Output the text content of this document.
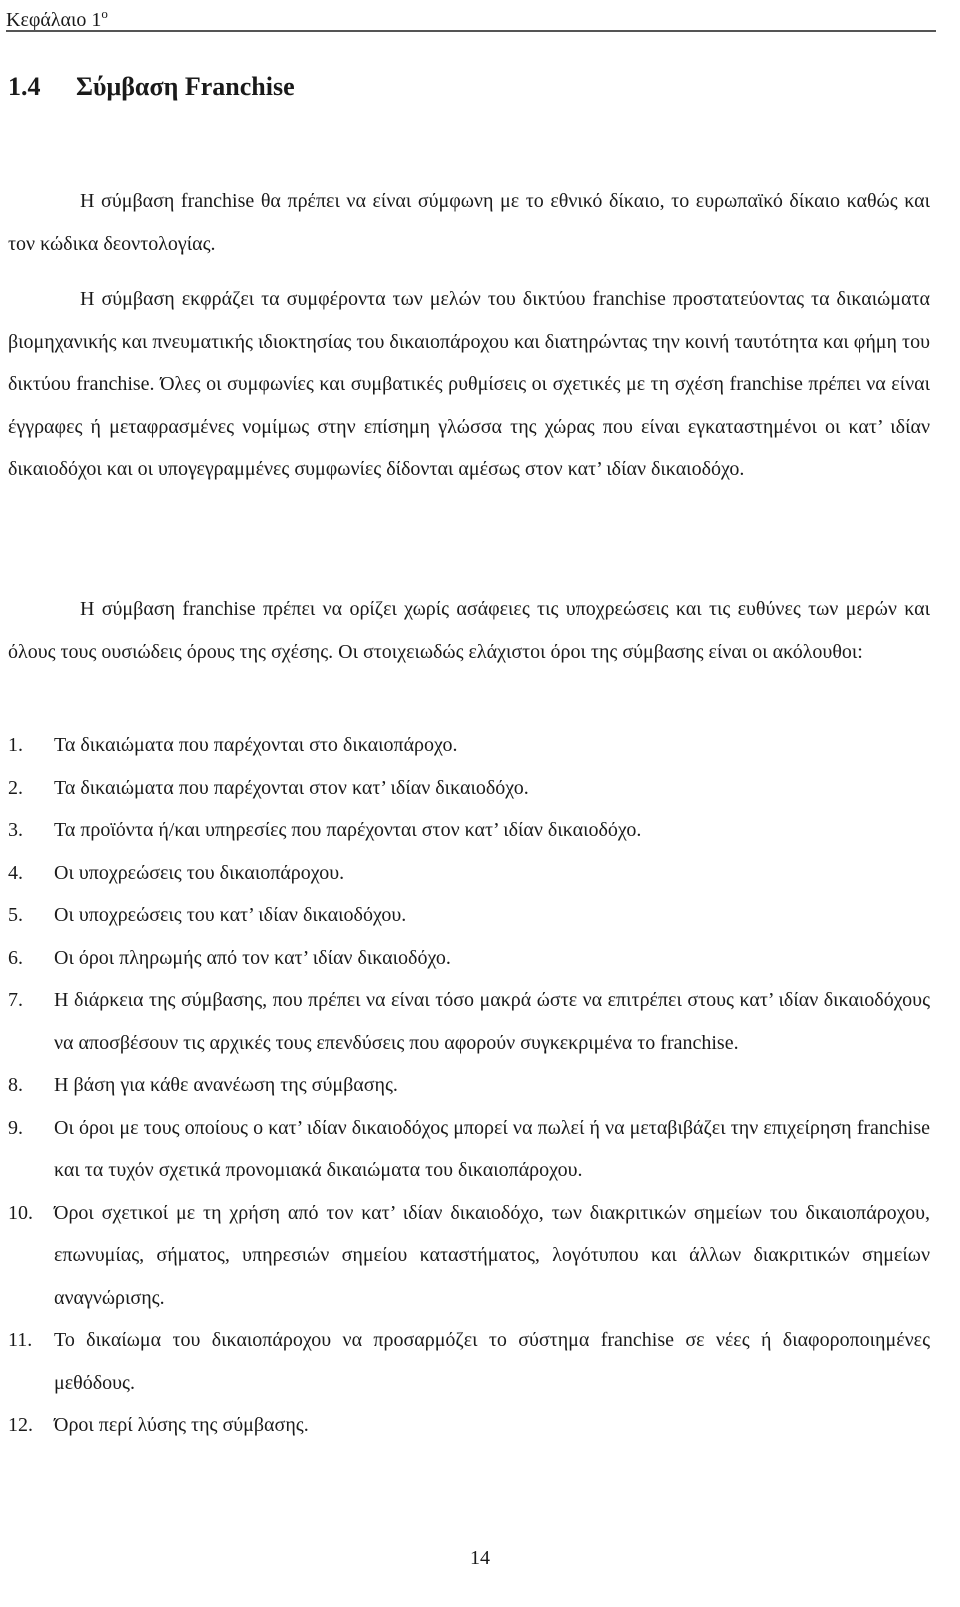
Κεφάλαιο $1^o$
1.4 Σύμβαση Franchise

Η σύμβαση franchise θα πρέπει να είναι σύμφωνη με το εθνικό δίκαιο, το ευρωπαϊκό δίκαιο καθώς και τον κώδικα δεοντολογίας.

Η σύμβαση εκφράζει τα συμφέροντα των μελών του δικτύου franchise προστατεύοντας τα δικαιώματα βιομηχανικής και πνευματικής ιδιοκτησίας του δικαιοπάροχου και διατηρώντας την κοινή ταυτότητα και φήμη του δικτύου franchise. Όλες οι συμφωνίες και συμβατικές ρυθμίσεις οι σχετικές με τη σχέση franchise πρέπει να είναι έγγραφες ή μεταφρασμένες νομίμως στην επίσημη γλώσσα της χώρας που είναι εγκαταστημένοι οι κατ’ ιδίαν δικαιοδόχοι και οι υπογεγραμμένες συμφωνίες δίδονται αμέσως στον κατ’ ιδίαν δικαιοδόχο.

Η σύμβαση franchise πρέπει να ορίζει χωρίς ασάφειες τις υποχρεώσεις και τις ευθύνες των μερών και όλους τους ουσιώδεις όρους της σχέσης. Οι στοιχειωδώς ελάχιστοι όροι της σύμβασης είναι οι ακόλουθοι:

1.	Τα δικαιώματα που παρέχονται στο δικαιοπάροχο.
2.	Τα δικαιώματα που παρέχονται στον κατ’ ιδίαν δικαιοδόχο.
3.	Τα προϊόντα ή/και υπηρεσίες που παρέχονται στον κατ’ ιδίαν δικαιοδόχο.
4.	Οι υποχρεώσεις του δικαιοπάροχου.
5.	Οι υποχρεώσεις του κατ’ ιδίαν δικαιοδόχου.
6.	Οι όροι πληρωμής από τον κατ’ ιδίαν δικαιοδόχο.
7.	Η διάρκεια της σύμβασης, που πρέπει να είναι τόσο μακρά ώστε να επιτρέπει στους κατ’ ιδίαν δικαιοδόχους να αποσβέσουν τις αρχικές τους επενδύσεις που αφορούν συγκεκριμένα το franchise.
8.	Η βάση για κάθε ανανέωση της σύμβασης.
9.	Οι όροι με τους οποίους ο κατ’ ιδίαν δικαιοδόχος μπορεί να πωλεί ή να μεταβιβάζει την επιχείρηση franchise και τα τυχόν σχετικά προνομιακά δικαιώματα του δικαιοπάροχου.
10.	Όροι σχετικοί με τη χρήση από τον κατ’ ιδίαν δικαιοδόχο, των διακριτικών σημείων του δικαιοπάροχου, επωνυμίας, σήματος, υπηρεσιών σημείου καταστήματος, λογότυπου και άλλων διακριτικών σημείων αναγνώρισης.
11.	Το δικαίωμα του δικαιοπάροχου να προσαρμόζει το σύστημα franchise σε νέες ή διαφοροποιημένες μεθόδους.
12.	Όροι περί λύσης της σύμβασης.
14
